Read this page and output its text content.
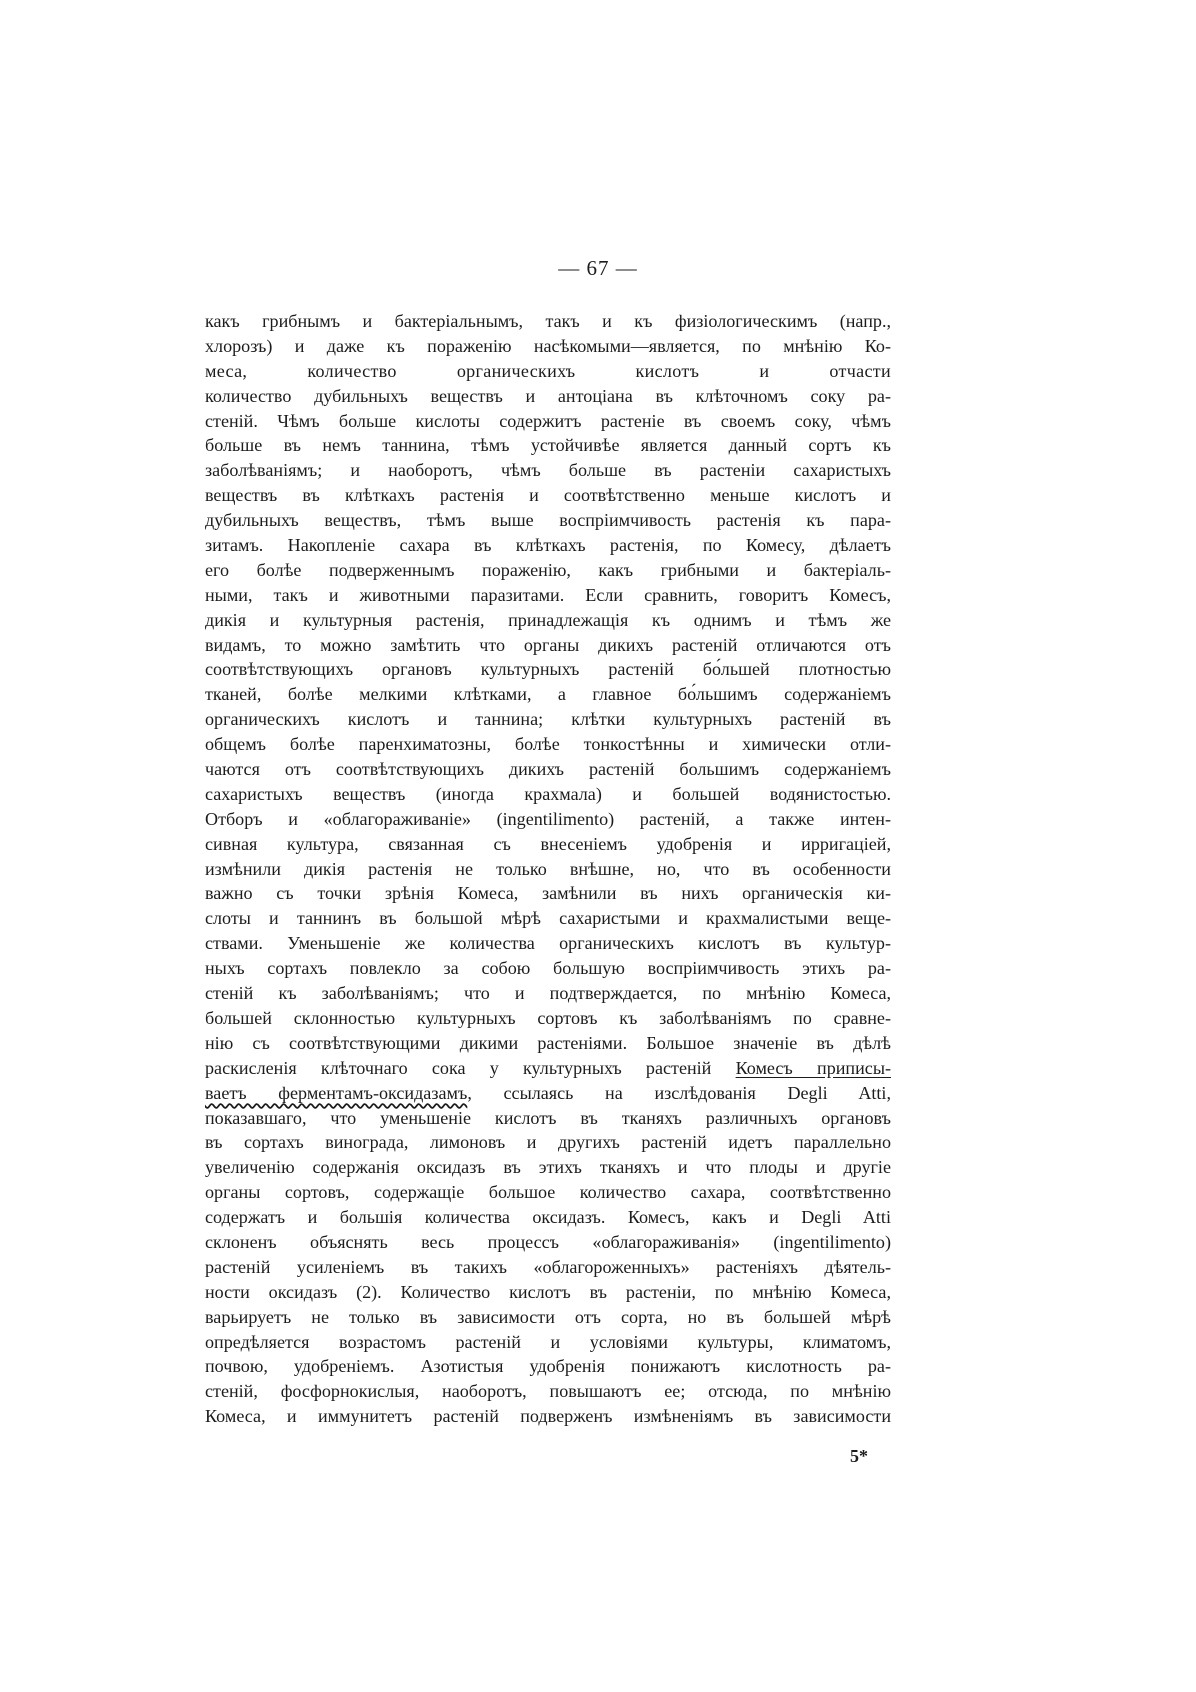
— 67 —
какъ грибнымъ и бактеріальнымъ, такъ и къ физіологическимъ (напр.,
хлорозъ) и даже къ пораженію насѣкомыми—является, по мнѣнію Ко-
меса, количество органическихъ кислотъ и отчасти
количество дубильныхъ веществъ и антоціана въ клѣточномъ соку ра-
стеній. Чѣмъ больше кислоты содержитъ растеніе въ своемъ соку, чѣмъ
больше въ немъ таннина, тѣмъ устойчивѣе является данный сортъ къ
заболѣваніямъ; и наоборотъ, чѣмъ больше въ растеніи сахаристыхъ
веществъ въ клѣткахъ растенія и соотвѣтственно меньше кислотъ и
дубильныхъ веществъ, тѣмъ выше воспріимчивость растенія къ пара-
зитамъ. Накопленіе сахара въ клѣткахъ растенія, по Комесу, дѣлаетъ
его болѣе подверженнымъ пораженію, какъ грибными и бактеріаль-
ными, такъ и животными паразитами. Если сравнить, говоритъ Комесъ,
дикія и культурныя растенія, принадлежащія къ однимъ и тѣмъ же
видамъ, то можно замѣтить что органы дикихъ растеній отличаются отъ
соотвѣтствующихъ органовъ культурныхъ растеній бо́льшей плотностью
тканей, болѣе мелкими клѣтками, а главное бо́льшимъ содержаніемъ
органическихъ кислотъ и таннина; клѣтки культурныхъ растеній въ
общемъ болѣе паренхиматозны, болѣе тонкостѣнны и химически отли-
чаются отъ соотвѣтствующихъ дикихъ растеній большимъ содержаніемъ
сахаристыхъ веществъ (иногда крахмала) и большей водянистостью.
Отборъ и «облагораживаніе» (ingentilimento) растеній, а также интен-
сивная культура, связанная съ внесеніемъ удобренія и ирригаціей,
измѣнили дикія растенія не только внѣшне, но, что въ особенности
важно съ точки зрѣнія Комеса, замѣнили въ нихъ органическія ки-
слоты и таннинъ въ большой мѣрѣ сахаристыми и крахмалистыми веще-
ствами. Уменьшеніе же количества органическихъ кислотъ въ культур-
ныхъ сортахъ повлекло за собою большую воспріимчивость этихъ ра-
стеній къ заболѣваніямъ; что и подтверждается, по мнѣнію Комеса,
большей склонностью культурныхъ сортовъ къ заболѣваніямъ по сравне-
нію съ соотвѣтствующими дикими растеніями. Большое значеніе въ дѣлѣ
раскисленія клѣточнаго сока у культурныхъ растеній Комесъ приписы-
ваетъ ферментамъ-оксидазамъ, ссылаясь на изслѣдованія Degli Atti,
показавшаго, что уменьшеніе кислотъ въ тканяхъ различныхъ органовъ
въ сортахъ винограда, лимоновъ и другихъ растеній идетъ параллельно
увеличенію содержанія оксидазъ въ этихъ тканяхъ и что плоды и другіе
органы сортовъ, содержащіе большое количество сахара, соотвѣтственно
содержатъ и большія количества оксидазъ. Комесъ, какъ и Degli Atti
склоненъ объяснять весь процессъ «облагораживанія» (ingentilimento)
растеній усиленіемъ въ такихъ «облагороженныхъ» растеніяхъ дѣятель-
ности оксидазъ (2). Количество кислотъ въ растеніи, по мнѣнію Комеса,
варьируетъ не только въ зависимости отъ сорта, но въ большей мѣрѣ
опредѣляется возрастомъ растеній и условіями культуры, климатомъ,
почвою, удобреніемъ. Азотистыя удобренія понижаютъ кислотность ра-
стеній, фосфорнокислыя, наоборотъ, повышаютъ ее; отсюда, по мнѣнію
Комеса, и иммунитетъ растеній подверженъ измѣненіямъ въ зависимости
5*
